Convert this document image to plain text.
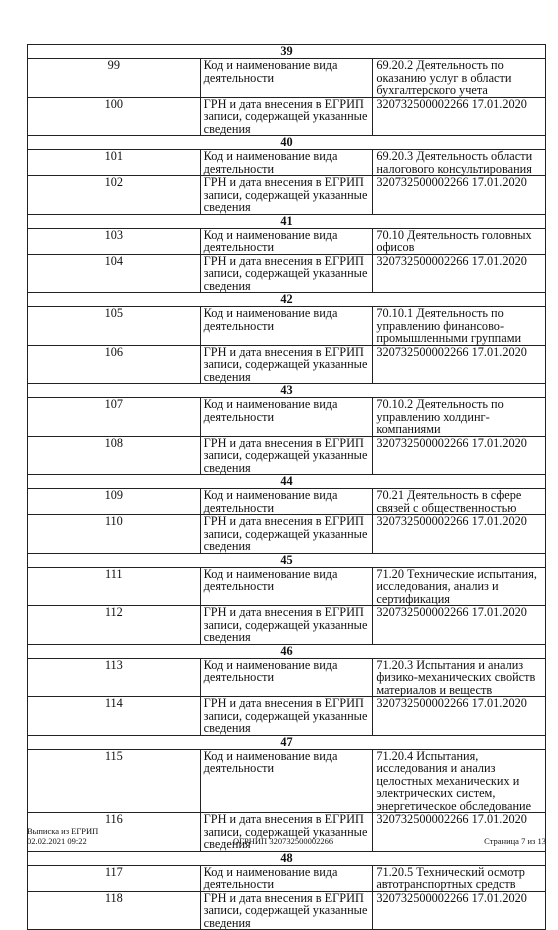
39		
99	Код и наименование вида деятельности	69.20.2 Деятельность по оказанию услуг в области бухгалтерского учета
100	ГРН и дата внесения в ЕГРИП записи, содержащей указанные сведения	320732500002266 17.01.2020
40		
101	Код и наименование вида деятельности	69.20.3 Деятельность области налогового консультирования
102	ГРН и дата внесения в ЕГРИП записи, содержащей указанные сведения	320732500002266 17.01.2020
41		
103	Код и наименование вида деятельности	70.10 Деятельность головных офисов
104	ГРН и дата внесения в ЕГРИП записи, содержащей указанные сведения	320732500002266 17.01.2020
42		
105	Код и наименование вида деятельности	70.10.1 Деятельность по управлению финансово-промышленными группами
106	ГРН и дата внесения в ЕГРИП записи, содержащей указанные сведения	320732500002266 17.01.2020
43		
107	Код и наименование вида деятельности	70.10.2 Деятельность по управлению холдинг-компаниями
108	ГРН и дата внесения в ЕГРИП записи, содержащей указанные сведения	320732500002266 17.01.2020
44		
109	Код и наименование вида деятельности	70.21 Деятельность в сфере связей с общественностью
110	ГРН и дата внесения в ЕГРИП записи, содержащей указанные сведения	320732500002266 17.01.2020
45		
111	Код и наименование вида деятельности	71.20 Технические испытания, исследования, анализ и сертификация
112	ГРН и дата внесения в ЕГРИП записи, содержащей указанные сведения	320732500002266 17.01.2020
46		
113	Код и наименование вида деятельности	71.20.3 Испытания и анализ физико-механических свойств материалов и веществ
114	ГРН и дата внесения в ЕГРИП записи, содержащей указанные сведения	320732500002266 17.01.2020
47		
115	Код и наименование вида деятельности	71.20.4 Испытания, исследования и анализ целостных механических и электрических систем, энергетическое обследование
116	ГРН и дата внесения в ЕГРИП записи, содержащей указанные сведения	320732500002266 17.01.2020
48		
117	Код и наименование вида деятельности	71.20.5 Технический осмотр автотранспортных средств
118	ГРН и дата внесения в ЕГРИП записи, содержащей указанные сведения	320732500002266 17.01.2020
Выписка из ЕГРИП
02.02.2021 09:22	ОГРНИП 320732500002266	Страница 7 из 13
